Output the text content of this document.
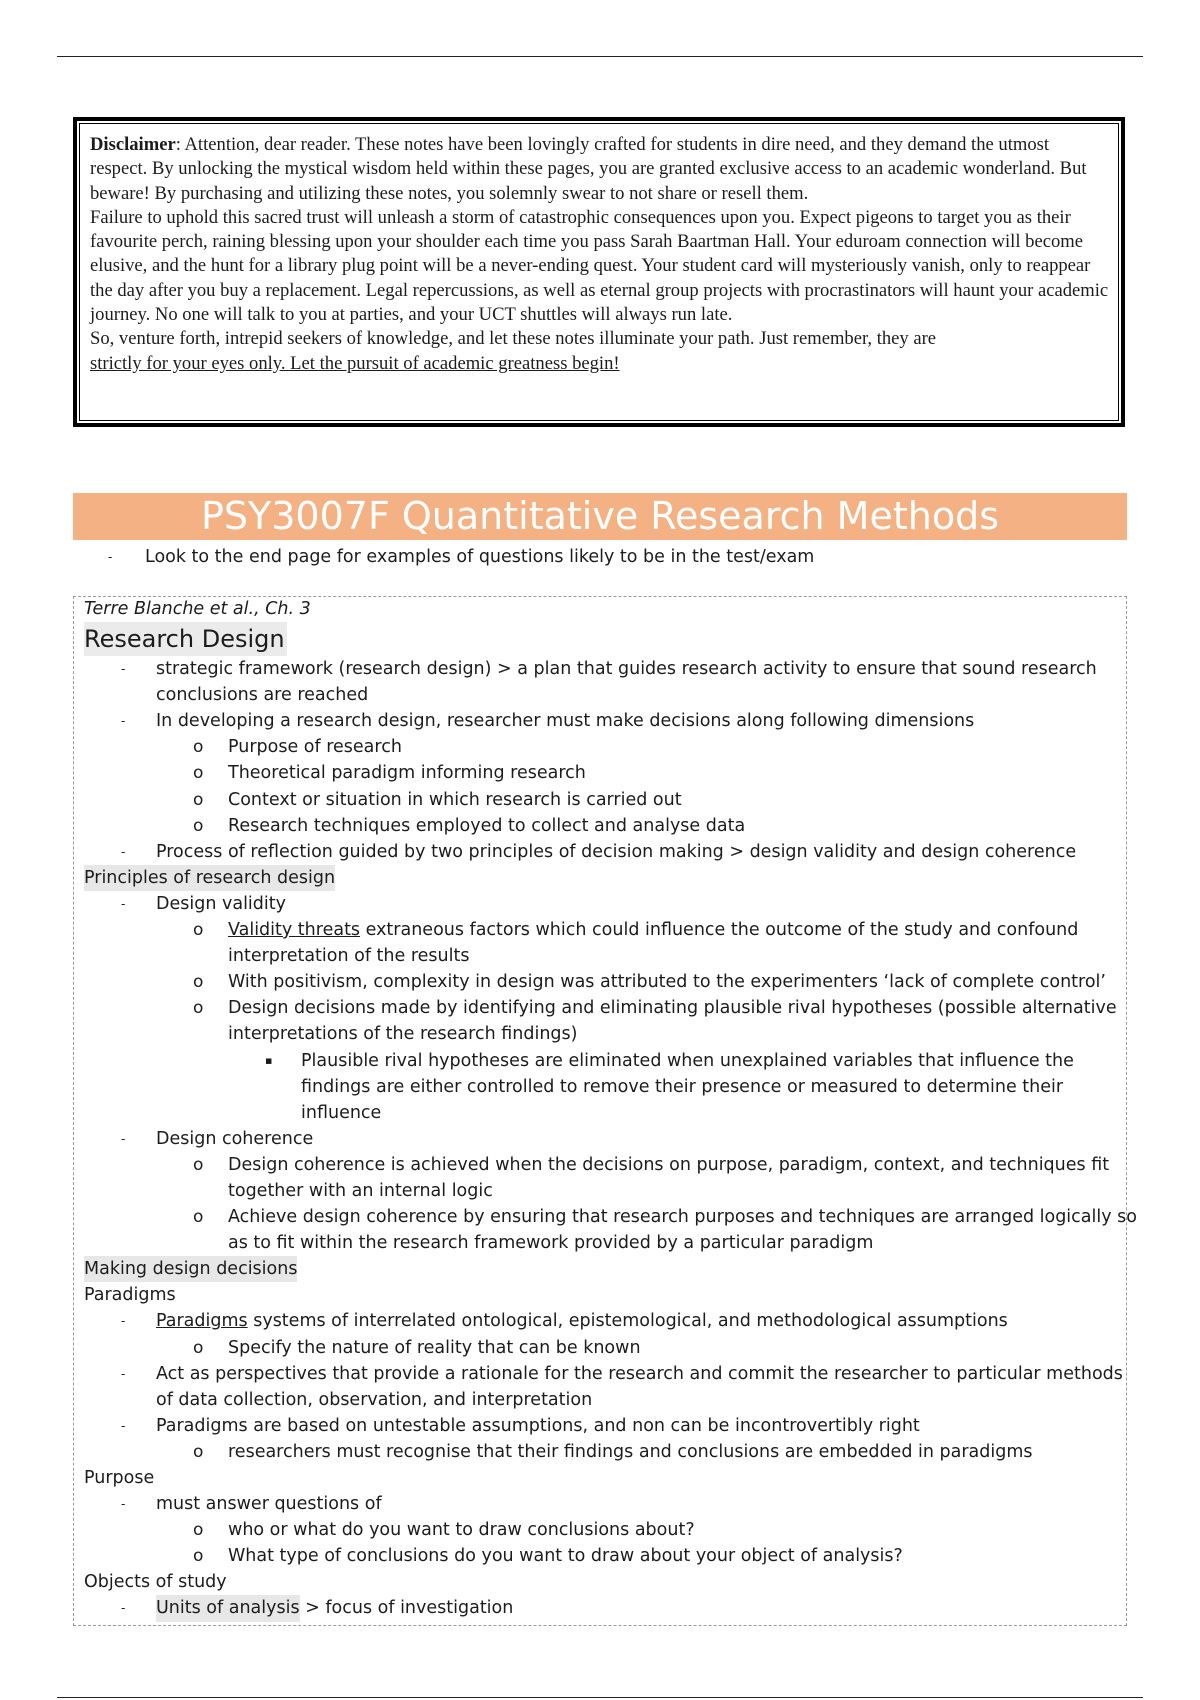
Disclaimer: Attention, dear reader. These notes have been lovingly crafted for students in dire need, and they demand the utmost respect. By unlocking the mystical wisdom held within these pages, you are granted exclusive access to an academic wonderland. But beware! By purchasing and utilizing these notes, you solemnly swear to not share or resell them.

Failure to uphold this sacred trust will unleash a storm of catastrophic consequences upon you. Expect pigeons to target you as their favourite perch, raining blessing upon your shoulder each time you pass Sarah Baartman Hall. Your eduroam connection will become elusive, and the hunt for a library plug point will be a never-ending quest. Your student card will mysteriously vanish, only to reappear the day after you buy a replacement. Legal repercussions, as well as eternal group projects with procrastinators will haunt your academic journey. No one will talk to you at parties, and your UCT shuttles will always run late.

So, venture forth, intrepid seekers of knowledge, and let these notes illuminate your path. Just remember, they are
strictly for your eyes only. Let the pursuit of academic greatness begin!

PSY3007F Quantitative Research Methods
- Look to the end page for examples of questions likely to be in the test/exam
Terre Blanche et al., Ch. 3
Research Design
- strategic framework (research design) > a plan that guides research activity to ensure that sound research
conclusions are reached
- In developing a research design, researcher must make decisions along following dimensions
o Purpose of research
o Theoretical paradigm informing research
o Context or situation in which research is carried out
o Research techniques employed to collect and analyse data
- Process of reflection guided by two principles of decision making > design validity and design coherence
Principles of research design
- Design validity
o Validity threats extraneous factors which could influence the outcome of the study and confound
interpretation of the results
o With positivism, complexity in design was attributed to the experimenters ‘lack of complete control’
o Design decisions made by identifying and eliminating plausible rival hypotheses (possible alternative
interpretations of the research findings)
▪ Plausible rival hypotheses are eliminated when unexplained variables that influence the
findings are either controlled to remove their presence or measured to determine their
influence
- Design coherence
o Design coherence is achieved when the decisions on purpose, paradigm, context, and techniques fit
together with an internal logic
o Achieve design coherence by ensuring that research purposes and techniques are arranged logically so
as to fit within the research framework provided by a particular paradigm
Making design decisions
Paradigms
- Paradigms systems of interrelated ontological, epistemological, and methodological assumptions
o Specify the nature of reality that can be known
- Act as perspectives that provide a rationale for the research and commit the researcher to particular methods
of data collection, observation, and interpretation
- Paradigms are based on untestable assumptions, and non can be incontrovertibly right
o researchers must recognise that their findings and conclusions are embedded in paradigms
Purpose
- must answer questions of
o who or what do you want to draw conclusions about?
o What type of conclusions do you want to draw about your object of analysis?
Objects of study
- Units of analysis > focus of investigation
